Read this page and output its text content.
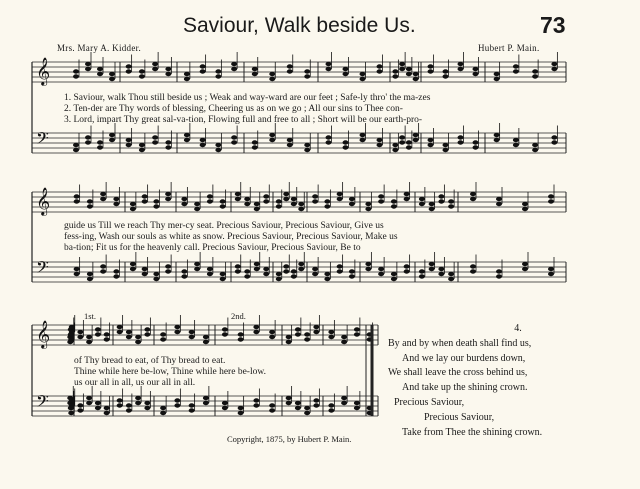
𝄞
𝄢
𝄞
𝄢
𝄞
𝄢
Saviour, Walk beside Us.	73
Mrs. Mary A. Kidder.	Hubert P. Main.
1. Saviour, walk Thou still beside us ; Weak and way-ward are our feet ; Safe-ly thro' the ma-zes
2. Ten-der are Thy words of blessing, Cheering us as on we go ; All our sins to Thee con-
3. Lord, impart Thy great sal-va-tion, Flowing full and free to all ; Short will be our earth-pro-
guide us Till we reach Thy mer-cy seat. Precious Saviour, Precious Saviour, Give us
fess-ing, Wash our souls as white as snow. Precious Saviour, Precious Saviour, Make us
ba-tion; Fit us for the heavenly call. Precious Saviour, Precious Saviour, Be to
1st.	2nd.
of Thy bread to eat, of Thy bread to eat.
Thine while here be-low, Thine while here be-low.
us our all in all, us our all in all.
4.
By and by when death shall find us,
And we lay our burdens down,
We shall leave the cross behind us,
And take up the shining crown.
Precious Saviour,
Precious Saviour,
Take from Thee the shining crown.
Copyright, 1875, by Hubert P. Main.
